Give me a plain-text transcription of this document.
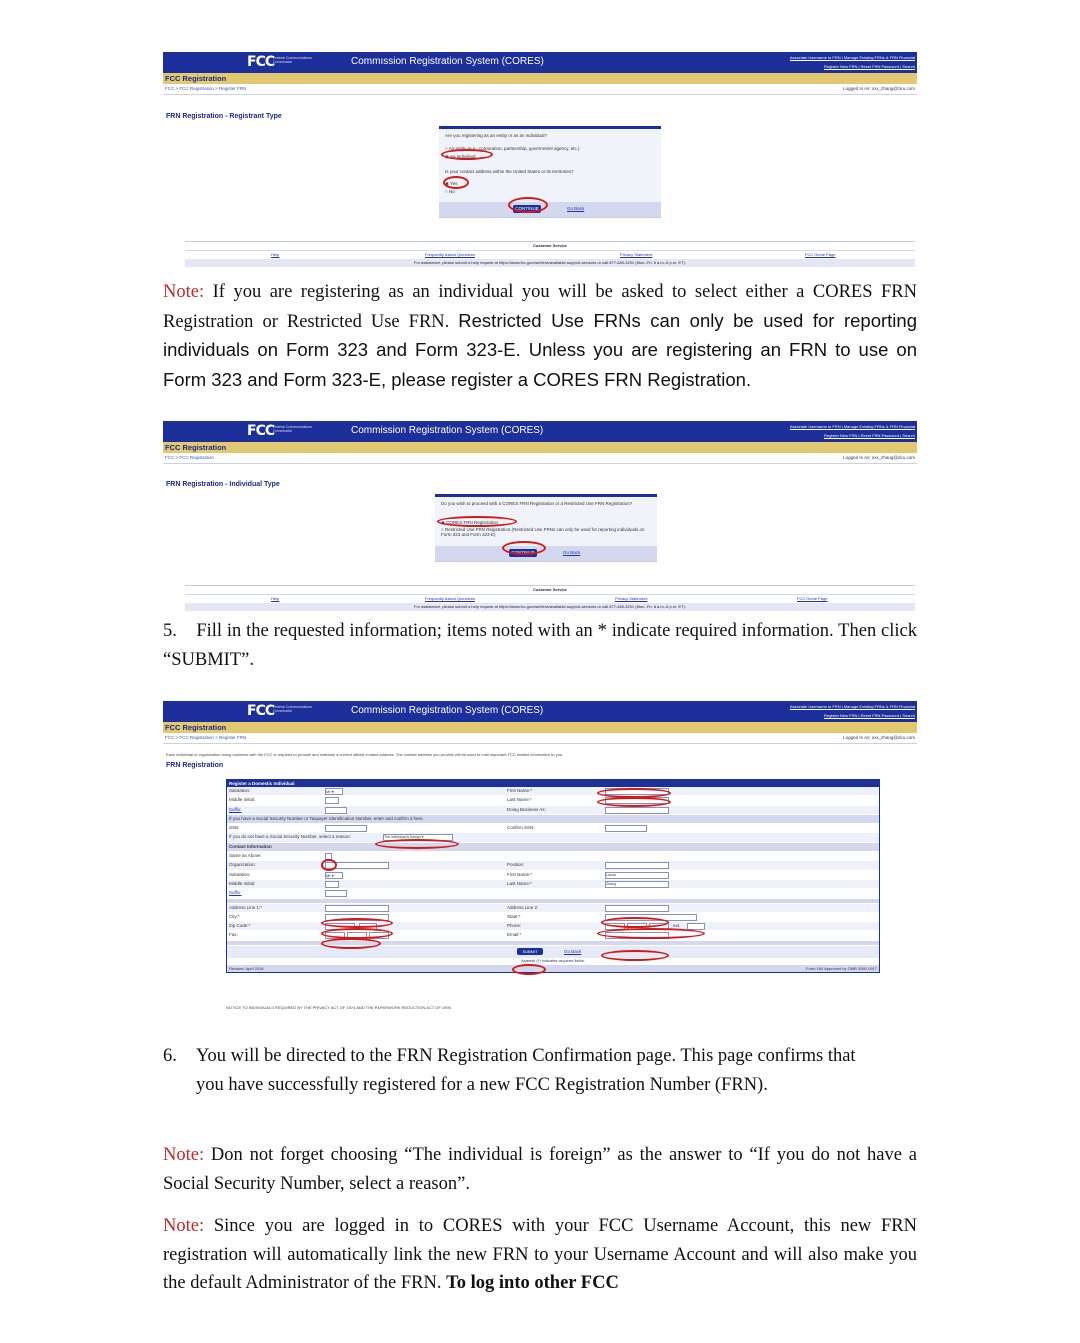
FCC
Federal Communications Commission	Commıssion Registration System (CORES)	Associate Username to FRN | Manage Existing FRNs & FRN Financial
Register New FRN | Reset FRN Password | Search
FCC Registration
FCC > FCC Registration > Register FRN	Logged In As: xxx_zhang@ziru.com
FRN Registration - Registrant Type
Are you registering as an entity or as an individual?
○ An entity (e.g., corporation, partnership, government agency, etc.)
◉ An individual
Is your contact address within the United States or its territories?
◉ Yes
○ No
CONTINUE	Go Back
Customer Service
Help	Frequently Asked Questions	Privacy Statement	FCC Home Page
For assistance, please submit a help request at https://www.fcc.gov/wireless/available-support-services or call 877-480-3201 (Mon.-Fri. 8 a.m.-6 p.m. ET).
Note: If you are registering as an individual you will be asked to select either a CORES FRN Registration or Restricted Use FRN. Restricted Use FRNs can only be used for reporting individuals on Form 323 and Form 323-E. Unless you are registering an FRN to use on Form 323 and Form 323-E, please register a CORES FRN Registration.
FCC
Federal Communications Commission	Commission Registration System (CORES)	Associate Username to FRN | Manage Existing FRNs & FRN Financial
Register New FRN | Reset FRN Password | Search
FCC Registration
FCC > FCC Registration	Logged In As: xxx_zhang@ziru.com
FRN Registration - Individual Type
Do you wish to proceed with a CORES FRN Registration or a Restricted Use FRN Registration?
◉ CORES FRN Registration
○ Restricted Use FRN Registration (Restricted Use FRNs can only be used for reporting individuals on Form 323 and Form 323-E)
CONTINUE	Go Back
Customer Service
Help	Frequently Asked Questions	Privacy Statement	FCC Home Page
For assistance, please submit a help request at https://www.fcc.gov/wireless/available-support-services or call 877-480-3201 (Mon.-Fri. 8 a.m.-6 p.m. ET).
5. Fill in the requested information; items noted with an * indicate required information. Then click “SUBMIT”.
FCC
Federal Communications Commission	Commission Registration System (CORES)	Associate Username to FRN | Manage Existing FRNs & FRN Financial
Register New FRN | Reset FRN Password | Search
FCC Registration
FCC > FCC Registration > Register FRN	Logged In As: xxx_zhang@ziru.com
Each individual or organization doing business with the FCC is required to provide and maintain a current official contact address. The contact address you provide will be used to mail important FCC related information to you.
FRN Registration
Register a Domestic Individual
Salutation:	Mr ▾	First Name:*
Middle Initial:	Last Name:*
Suffix:	Doing Business As:
If you have a Social Security Number or Taxpayer Identification Number, enter and confirm it here.
SSN:	Confirm SSN:
If you do not have a Social Security Number, select a reason:	The individual is foreign ▾
Contact Information
Same as Above:
Organization:	Position:
Salutation:	Mr ▾	First Name:*	Lanna
Middle Initial:	Last Name:*	Zhang
Suffix:
Address Line 1:*	Address Line 2:
City:*	State:*
Zip Code:*	Phone:	ext.
Fax:	Email:*
SUBMIT	Go Back
Asterisk (*) indicates required fields.
Revised: April 2016	Form 160 Approved by OMB 3060-0917
NOTICE TO INDIVIDUALS REQUIRED BY THE PRIVACY ACT OF 1974 AND THE PAPERWORK REDUCTION ACT OF 1995
6. You will be directed to the FRN Registration Confirmation page. This page confirms that you have successfully registered for a new FCC Registration Number (FRN).
Note: Don not forget choosing “The individual is foreign” as the answer to “If you do not have a Social Security Number, select a reason”.
Note: Since you are logged in to CORES with your FCC Username Account, this new FRN registration will automatically link the new FRN to your Username Account and will also make you the default Administrator of the FRN. To log into other FCC
